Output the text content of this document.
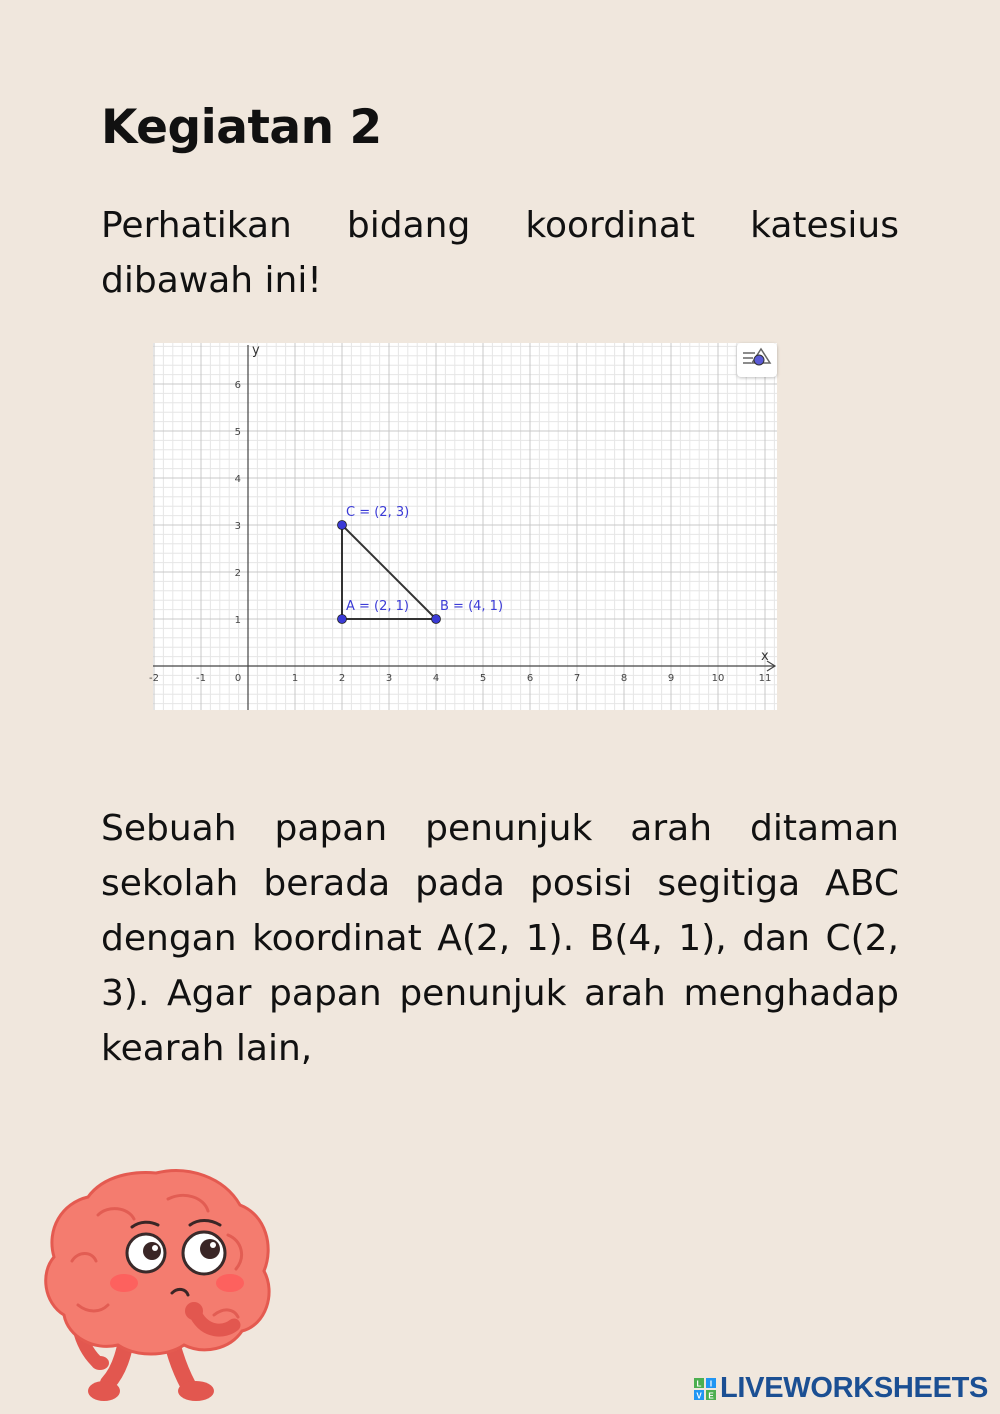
Kegiatan 2

Perhatikan bidang koordinat katesius dibawah ini!

x
y
-2	-1	0	1	2	3	4	5	6	7	8	9	10	11
1
2
3
4
5
6
A = (2, 1) B = (4, 1)
C = (2, 3)

Sebuah papan penunjuk arah ditaman sekolah berada pada posisi segitiga ABC dengan koordinat A(2, 1). B(4, 1), dan C(2, 3). Agar papan penunjuk arah menghadap kearah lain,

L I
V E LIVEWORKSHEETS
